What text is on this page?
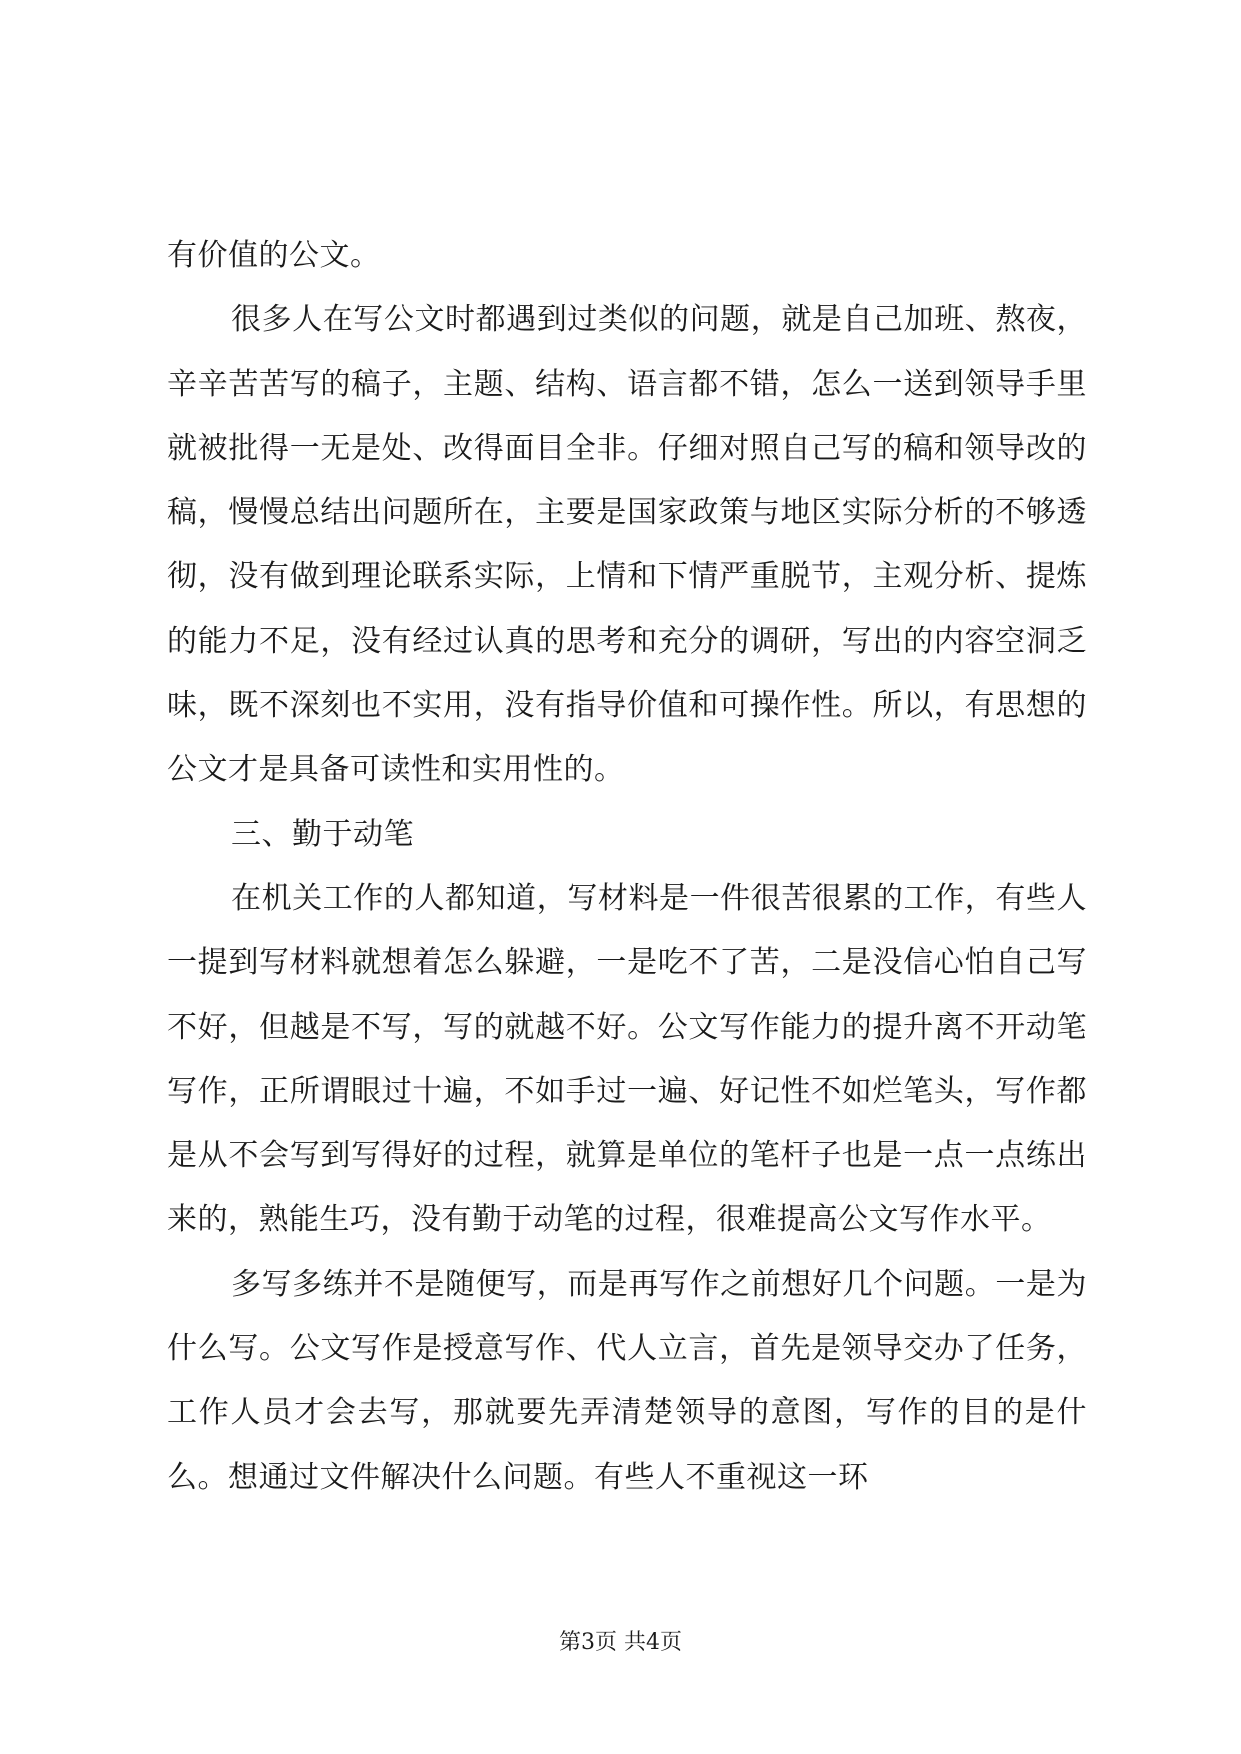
有价值的公文。

很多人在写公文时都遇到过类似的问题，就是自己加班、熬夜，辛辛苦苦写的稿子，主题、结构、语言都不错，怎么一送到领导手里就被批得一无是处、改得面目全非。仔细对照自己写的稿和领导改的稿，慢慢总结出问题所在，主要是国家政策与地区实际分析的不够透彻，没有做到理论联系实际，上情和下情严重脱节，主观分析、提炼的能力不足，没有经过认真的思考和充分的调研，写出的内容空洞乏味，既不深刻也不实用，没有指导价值和可操作性。所以，有思想的公文才是具备可读性和实用性的。

三、勤于动笔

在机关工作的人都知道，写材料是一件很苦很累的工作，有些人一提到写材料就想着怎么躲避，一是吃不了苦，二是没信心怕自己写不好，但越是不写，写的就越不好。公文写作能力的提升离不开动笔写作，正所谓眼过十遍，不如手过一遍、好记性不如烂笔头，写作都是从不会写到写得好的过程，就算是单位的笔杆子也是一点一点练出来的，熟能生巧，没有勤于动笔的过程，很难提高公文写作水平。

多写多练并不是随便写，而是再写作之前想好几个问题。一是为什么写。公文写作是授意写作、代人立言，首先是领导交办了任务，工作人员才会去写，那就要先弄清楚领导的意图，写作的目的是什么。想通过文件解决什么问题。有些人不重视这一环

第3页 共4页
